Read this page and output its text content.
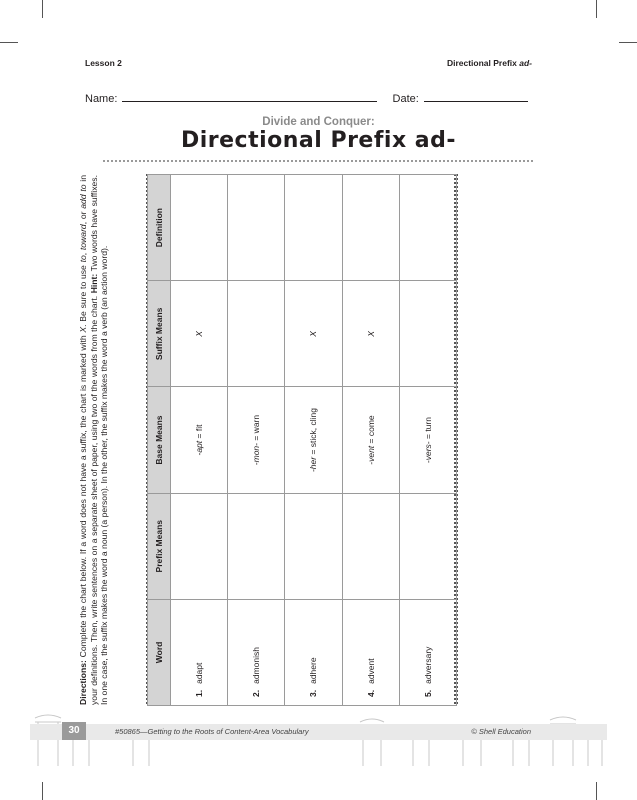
Lesson 2	Directional Prefix ad-
Name:	Date:
Divide and Conquer:
Directional Prefix ad-
Directions: Complete the chart below. If a word does not have a suffix, the chart is marked with X. Be sure to use to, toward, or add to in your definitions. Then, write sentences on a separate sheet of paper, using two of the words from the chart. Hint: Two words have suffixes. In one case, the suffix makes the word a noun (a person). In the other, the suffix makes the word a verb (an action word).	Word	Prefix Means	Base Means	Suffix Means	Definition
1.adapt		-apt = fit	X	
2.admonish		-mon- = warn		
3.adhere		-her = stick, cling	X	
4.advent		-vent = come	X	
5.adversary		-vers- = turn		
30	#50865—Getting to the Roots of Content-Area Vocabulary	© Shell Education
